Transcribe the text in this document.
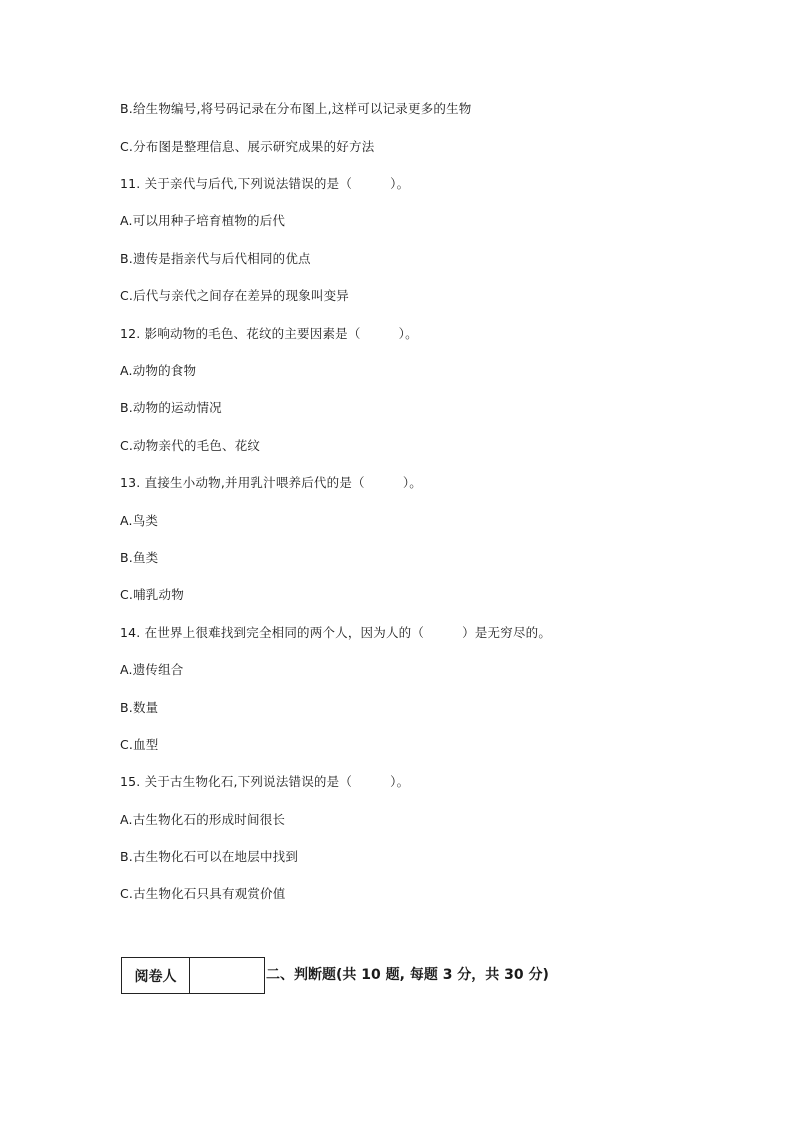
B.给生物编号,将号码记录在分布图上,这样可以记录更多的生物
C.分布图是整理信息、展示研究成果的好方法
11. 关于亲代与后代,下列说法错误的是（　　　）。
A.可以用种子培育植物的后代
B.遗传是指亲代与后代相同的优点
C.后代与亲代之间存在差异的现象叫变异
12. 影响动物的毛色、花纹的主要因素是（　　　）。
A.动物的食物
B.动物的运动情况
C.动物亲代的毛色、花纹
13. 直接生小动物,并用乳汁喂养后代的是（　　　）。
A.鸟类
B.鱼类
C.哺乳动物
14. 在世界上很难找到完全相同的两个人，因为人的（　　　）是无穷尽的。
A.遗传组合
B.数量
C.血型
15. 关于古生物化石,下列说法错误的是（　　　）。
A.古生物化石的形成时间很长
B.古生物化石可以在地层中找到
C.古生物化石只具有观赏价值
阅卷人	二、判断题(共 10 题, 每题 3 分，共 30 分)
